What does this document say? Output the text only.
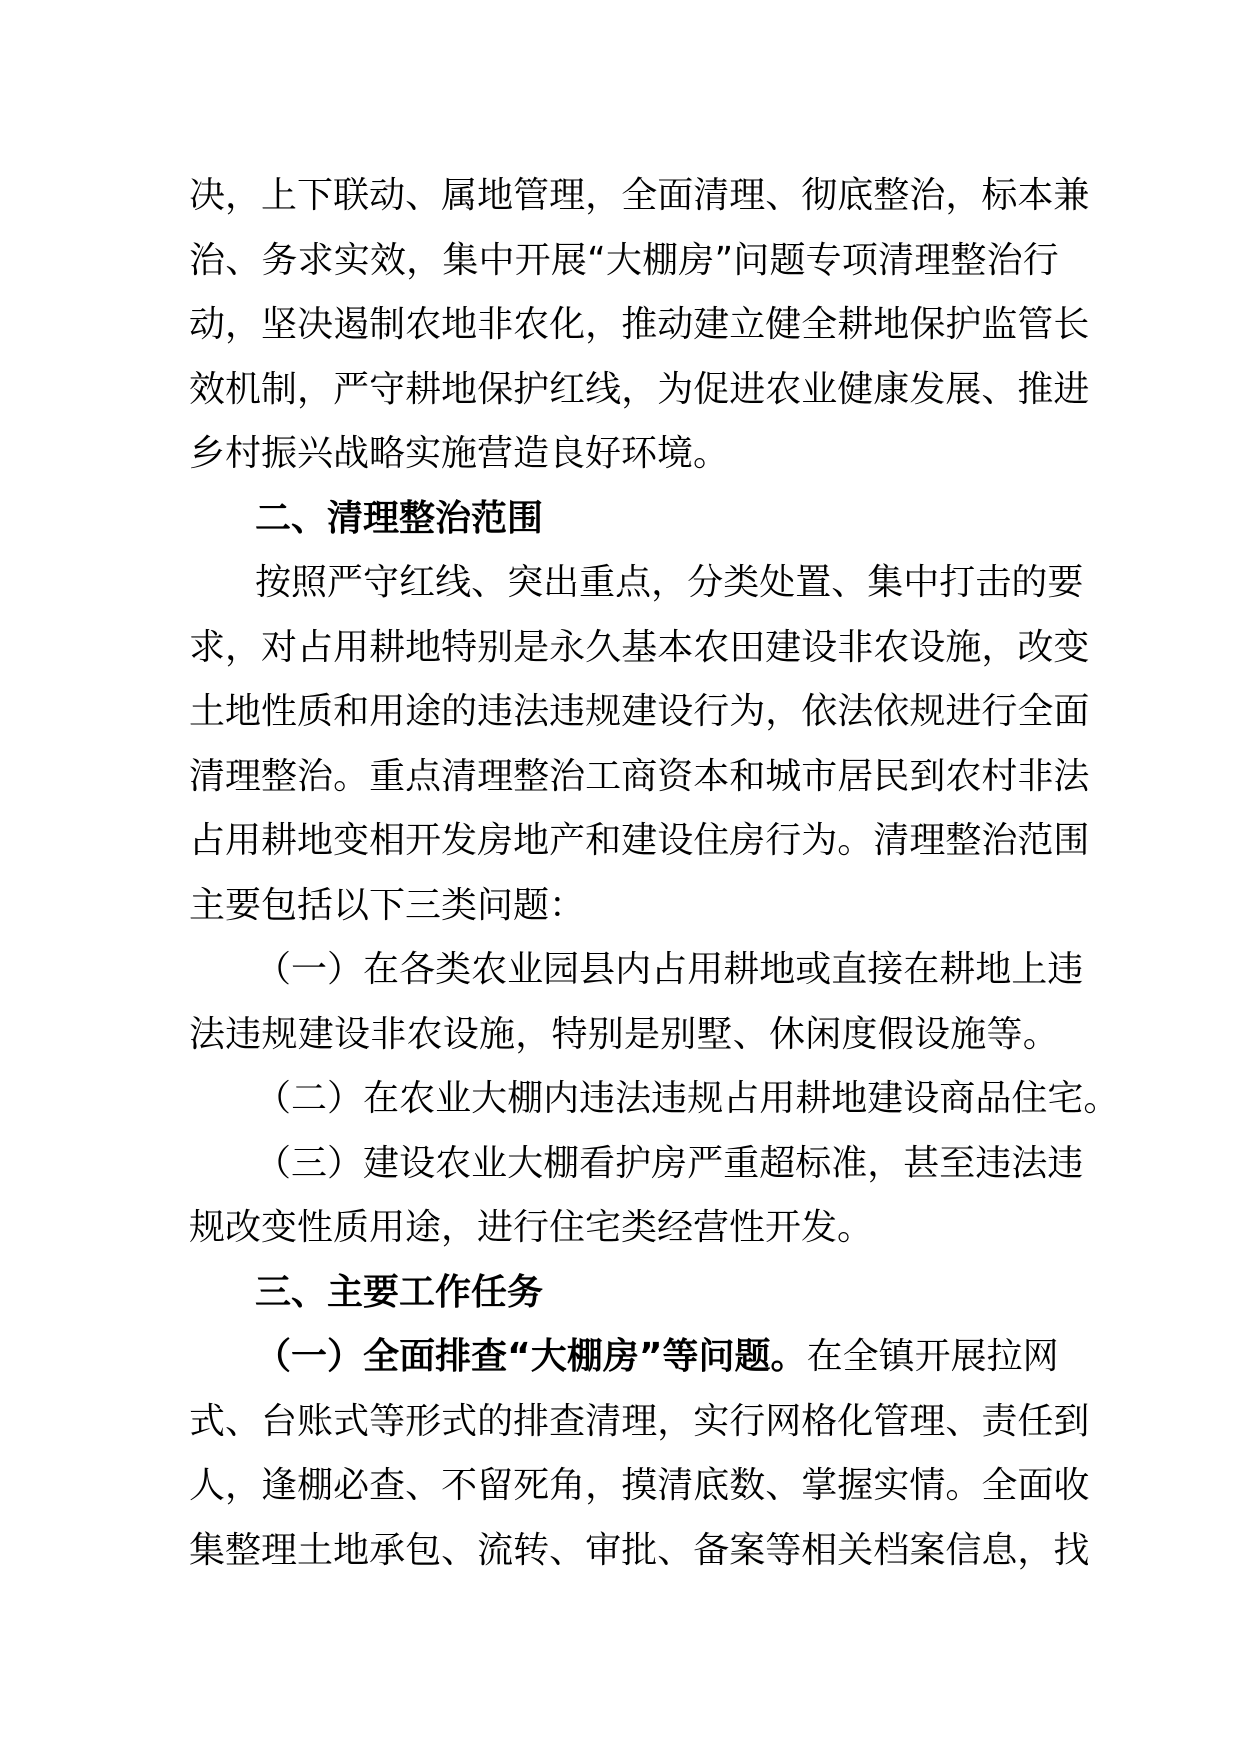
决 ， 上 下 联 动 、 属 地 管 理 ， 全 面 清 理 、 彻 底 整 治 ， 标 本 兼
治 、 务 求 实 效 ， 集 中 开 展 “ 大 棚 房 ” 问 题 专 项 清 理 整 治 行
动 ， 坚 决 遏 制 农 地 非 农 化 ， 推 动 建 立 健 全 耕 地 保 护 监 管 长
效 机 制 ， 严 守 耕 地 保 护 红 线 ， 为 促 进 农 业 健 康 发 展 、 推 进
乡村振兴战略实施营造良好环境。
二、清理整治范围
按 照 严 守 红 线 、 突 出 重 点 ， 分 类 处 置 、 集 中 打 击 的 要
求 ， 对 占 用 耕 地 特 别 是 永 久 基 本 农 田 建 设 非 农 设 施 ， 改 变
土 地 性 质 和 用 途 的 违 法 违 规 建 设 行 为 ， 依 法 依 规 进 行 全 面
清 理 整 治 。 重 点 清 理 整 治 工 商 资 本 和 城 市 居 民 到 农 村 非 法
占 用 耕 地 变 相 开 发 房 地 产 和 建 设 住 房 行 为 。 清 理 整 治 范 围
主要包括以下三类问题：
（ 一 ） 在 各 类 农 业 园 县 内 占 用 耕 地 或 直 接 在 耕 地 上 违
法 违 规 建 设 非 农 设 施 ， 特 别 是 别 墅 、 休 闲 度 假 设 施 等 。
（ 二 ） 在 农 业 大 棚 内 违 法 违 规 占 用 耕 地 建 设 商 品 住 宅 。
（ 三 ） 建 设 农 业 大 棚 看 护 房 严 重 超 标 准 ， 甚 至 违 法 违
规改变性质用途，进行住宅类经营性开发。
三、主要工作任务
（ 一 ） 全 面 排 查 “ 大 棚 房 ” 等 问 题 。 在 全 镇 开 展 拉 网
式 、 台 账 式 等 形 式 的 排 查 清 理 ， 实 行 网 格 化 管 理 、 责 任 到
人 ， 逢 棚 必 查 、 不 留 死 角 ， 摸 清 底 数 、 掌 握 实 情 。 全 面 收
集 整 理 土 地 承 包 、 流 转 、 审 批 、 备 案 等 相 关 档 案 信 息 ， 找
